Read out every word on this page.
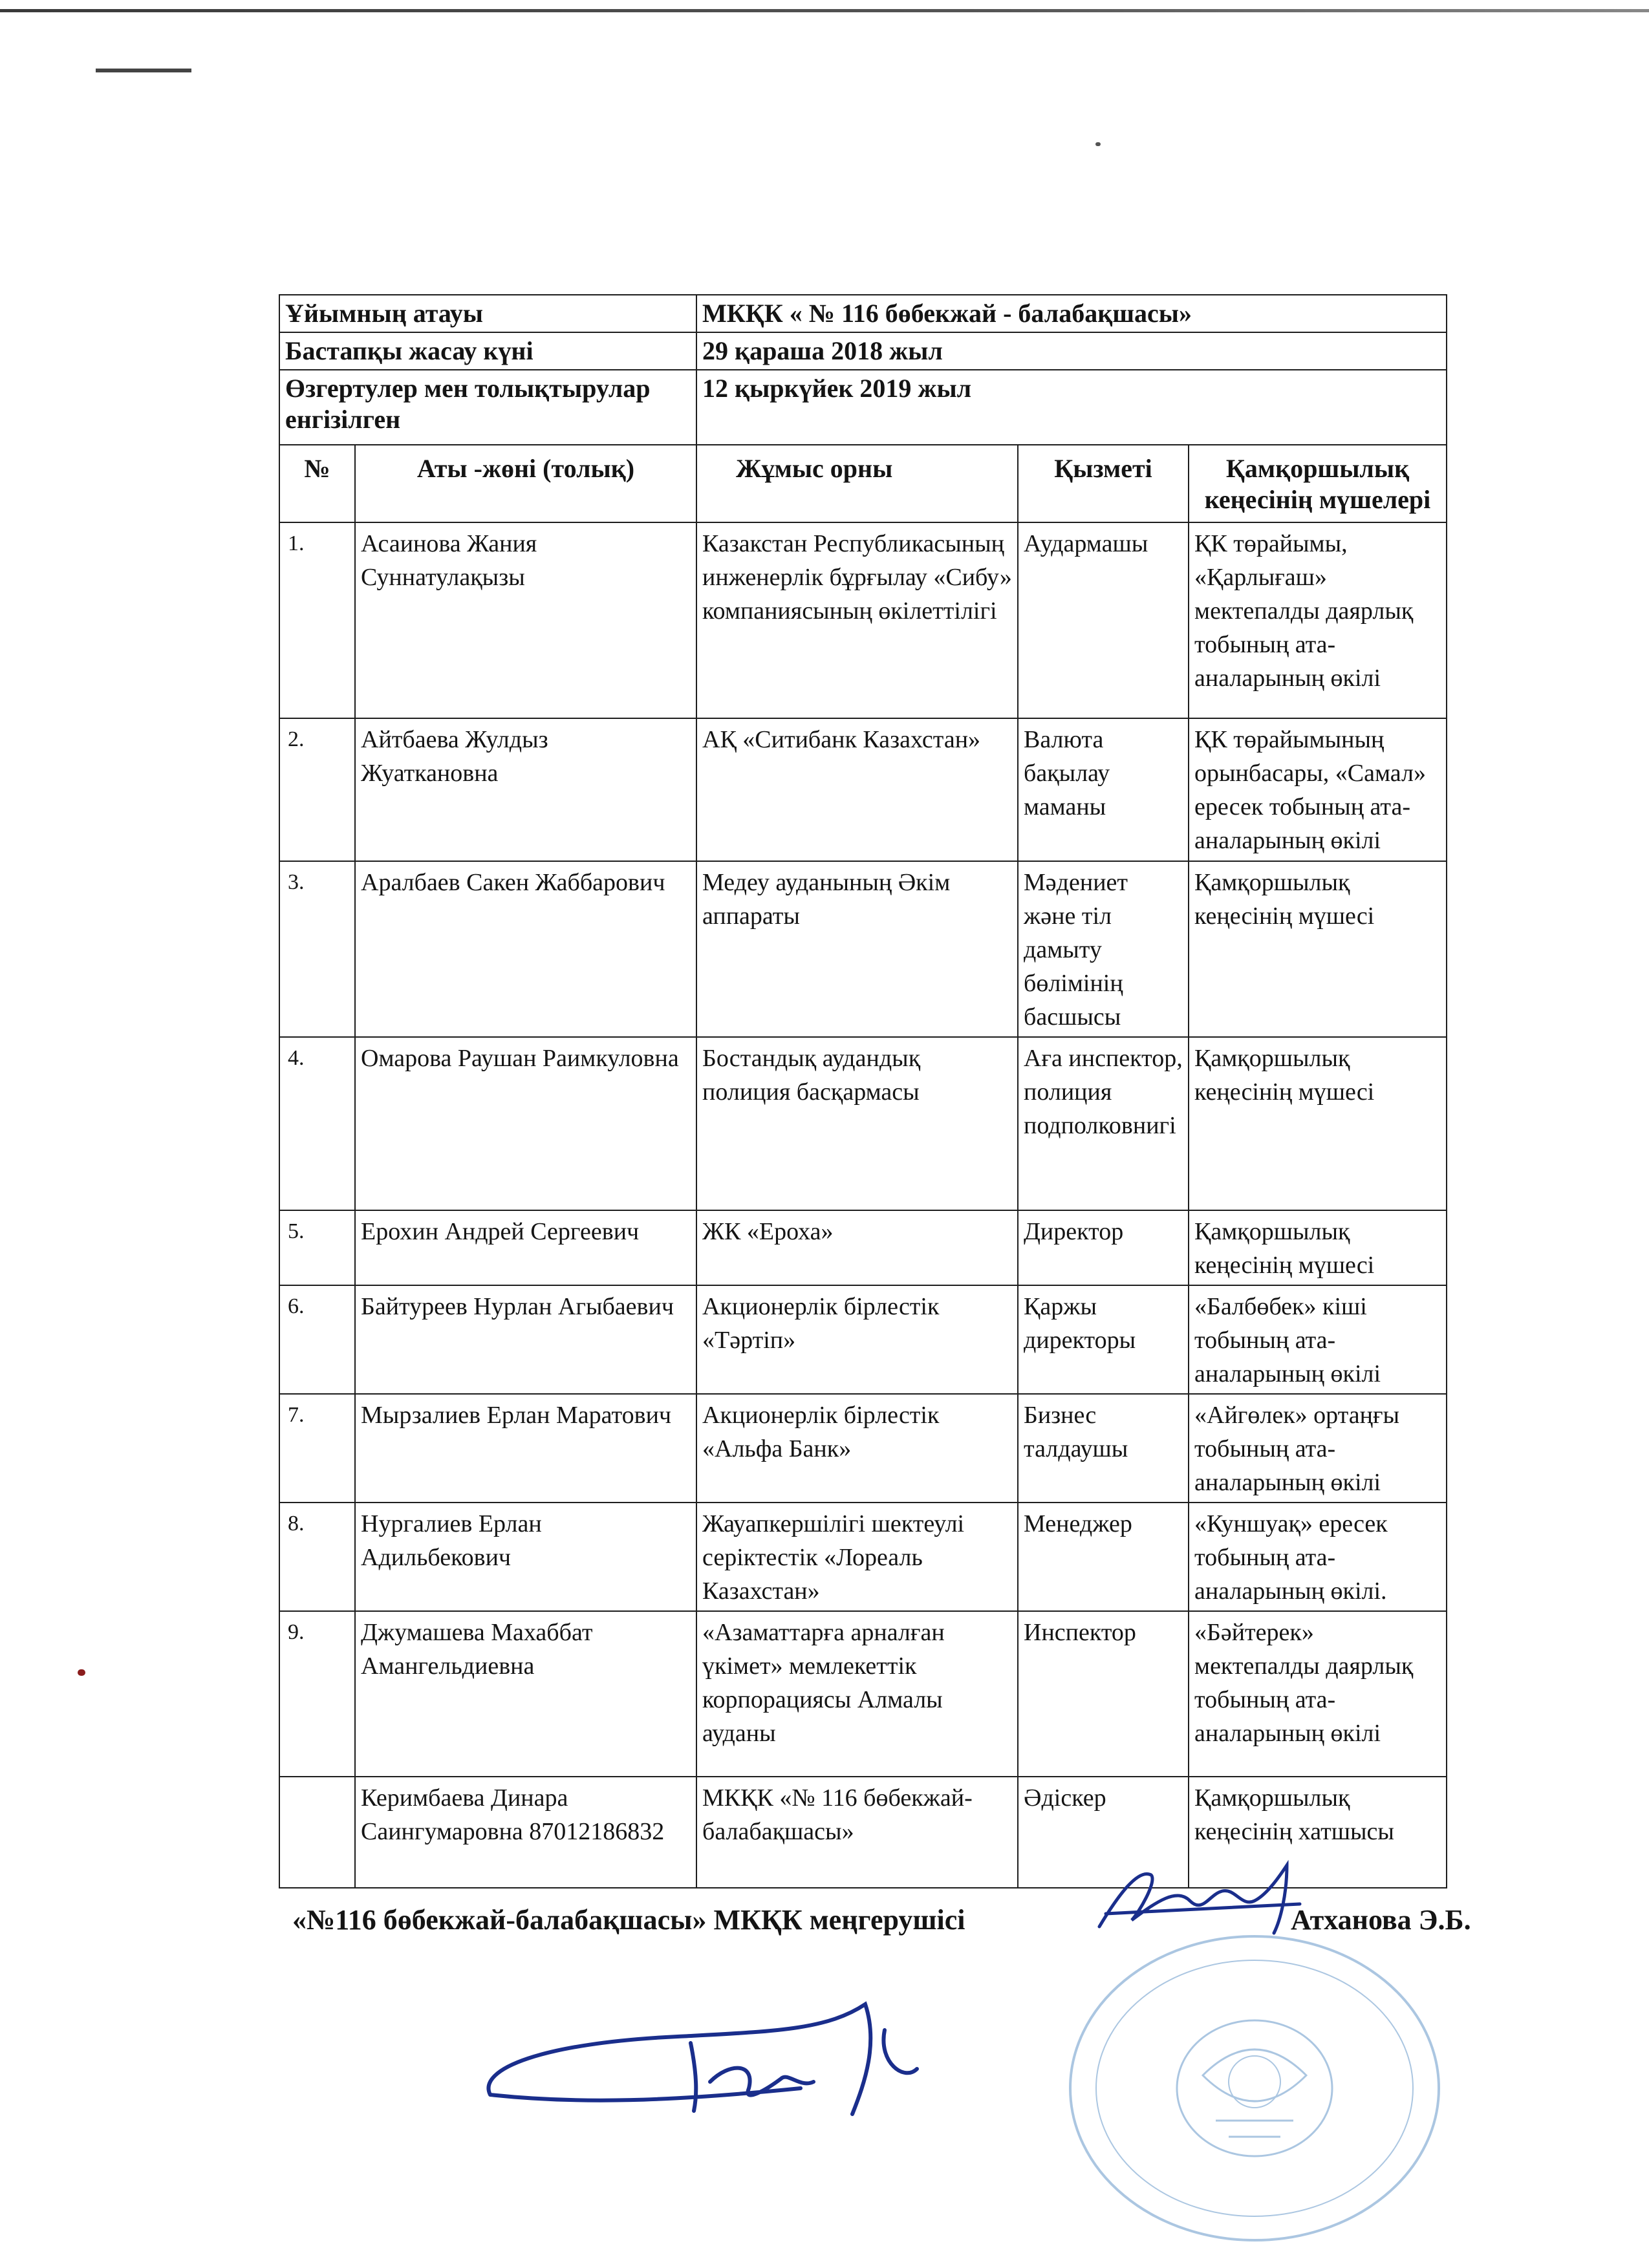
Ұйымның атауы		МКҚК « № 116 бөбекжай - балабақшасы»		
Бастапқы жасау күні		29 қараша 2018 жыл		
Өзгертулер мен толықтырулар енгізілген		12 қыркүйек 2019 жыл		
№	Аты -жөні (толық)	Жұмыс орны	Қызметі	Қамқоршылық кеңесінің мүшелері
1.	Асаинова Жания Суннатулақызы	Казакстан Республикасының инженерлік бұрғылау «Сибу» компаниясының өкілеттілігі	Аудармашы	ҚК төрайымы, «Қарлығаш» мектепалды даярлық тобының ата-аналарының өкілі
2.	Айтбаева Жулдыз Жуаткановна	АҚ «Ситибанк Казахстан»	Валюта бақылау маманы	ҚК төрайымының орынбасары, «Самал» ересек тобының ата-аналарының өкілі
3.	Аралбаев Сакен Жаббарович	Медеу ауданының Әкім аппараты	Мәдениет және тіл дамыту бөлімінің басшысы	Қамқоршылық кеңесінің мүшесі
4.	Омарова Раушан Раимкуловна	Бостандық аудандық полиция басқармасы	Аға инспектор, полиция подполковнигі	Қамқоршылық кеңесінің мүшесі
5.	Ерохин Андрей Сергеевич	ЖК «Ероха»	Директор	Қамқоршылық кеңесінің мүшесі
6.	Байтуреев Нурлан Агыбаевич	Акционерлік бірлестік «Тәртіп»	Қаржы директоры	«Балбөбек» кіші тобының ата-аналарының өкілі
7.	Мырзалиев Ерлан Маратович	Акционерлік бірлестік «Альфа Банк»	Бизнес талдаушы	«Айгөлек» ортаңғы тобының ата-аналарының өкілі
8.	Нургалиев Ерлан Адильбекович	Жауапкершілігі шектеулі серіктестік «Лореаль Казахстан»	Менеджер	«Куншуақ» ересек тобының ата-аналарының өкілі.
9.	Джумашева Махаббат Амангельдиевна	«Азаматтарға арналған үкімет» мемлекеттік корпорациясы Алмалы ауданы	Инспектор	«Бәйтерек» мектепалды даярлық тобының ата-аналарының өкілі
	Керимбаева Динара Саингумаровна 87012186832	МКҚК «№ 116 бөбекжай-балабақшасы»	Әдіскер	Қамқоршылық кеңесінің хатшысы
«№116 бөбекжай-балабақшасы» МКҚК меңгерушісі	Атханова Э.Б.
